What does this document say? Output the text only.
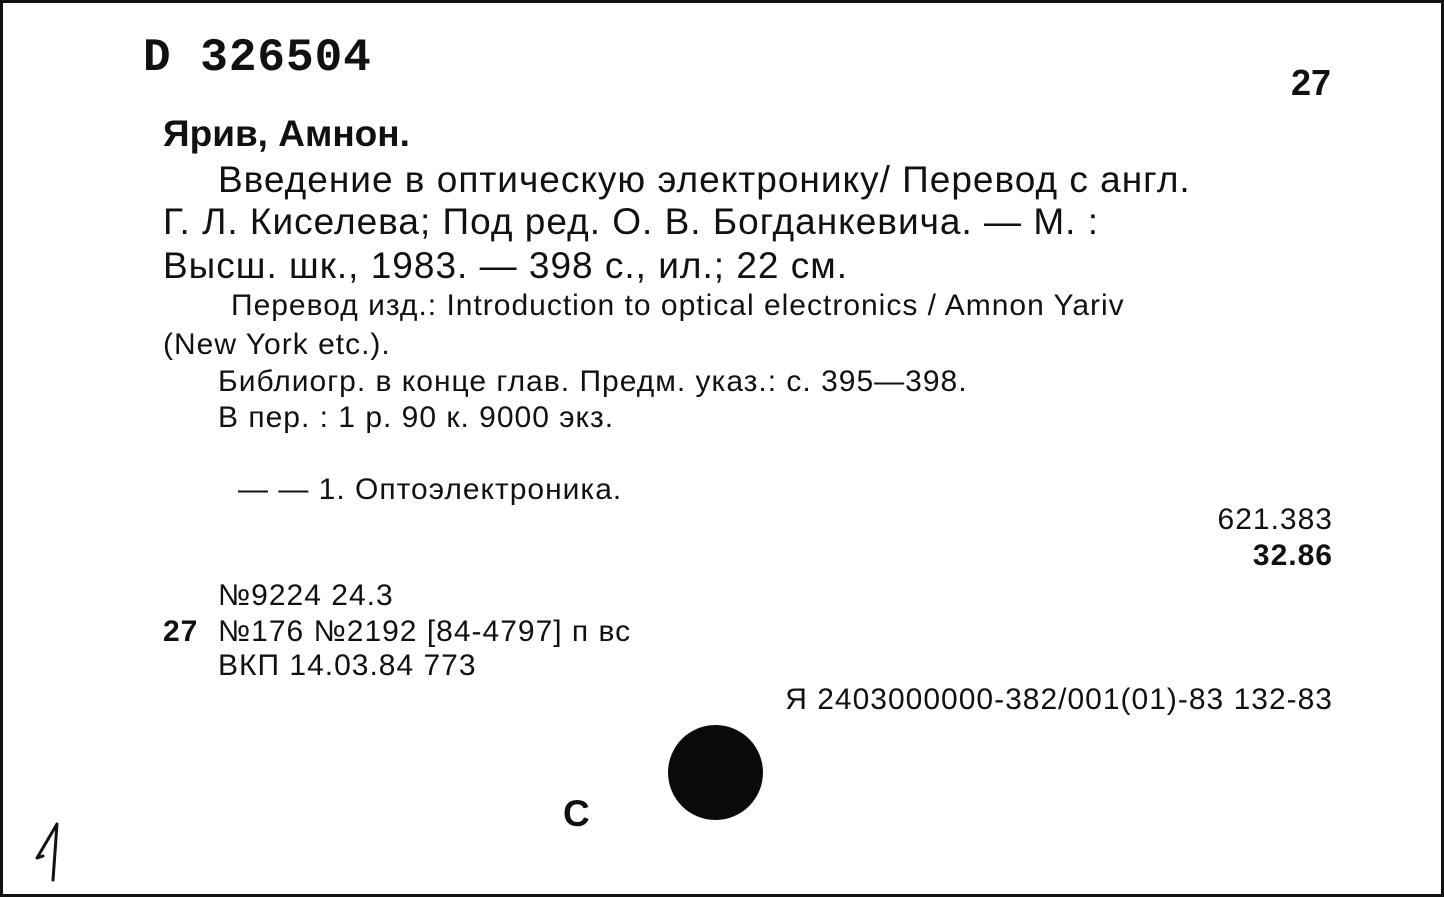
D 326504	27
Ярив, Амнон.
Введение в оптическую электронику/ Перевод с англ.
Г. Л. Киселева; Под ред. О. В. Богданкевича. — М. :
Высш. шк., 1983. — 398 с., ил.; 22 см.
Перевод изд.: Introduction to optical electronics / Amnon Yariv
(New York etc.).
Библиогр. в конце глав. Предм. указ.: с. 395—398.
В пер. : 1 р. 90 к. 9000 экз.
— — 1. Оптоэлектроника.
621.383
32.86
№9224 24.3
27 №176 №2192 [84-4797] п вс
ВКП 14.03.84 773
Я 2403000000-382/001(01)-83 132-83
С
